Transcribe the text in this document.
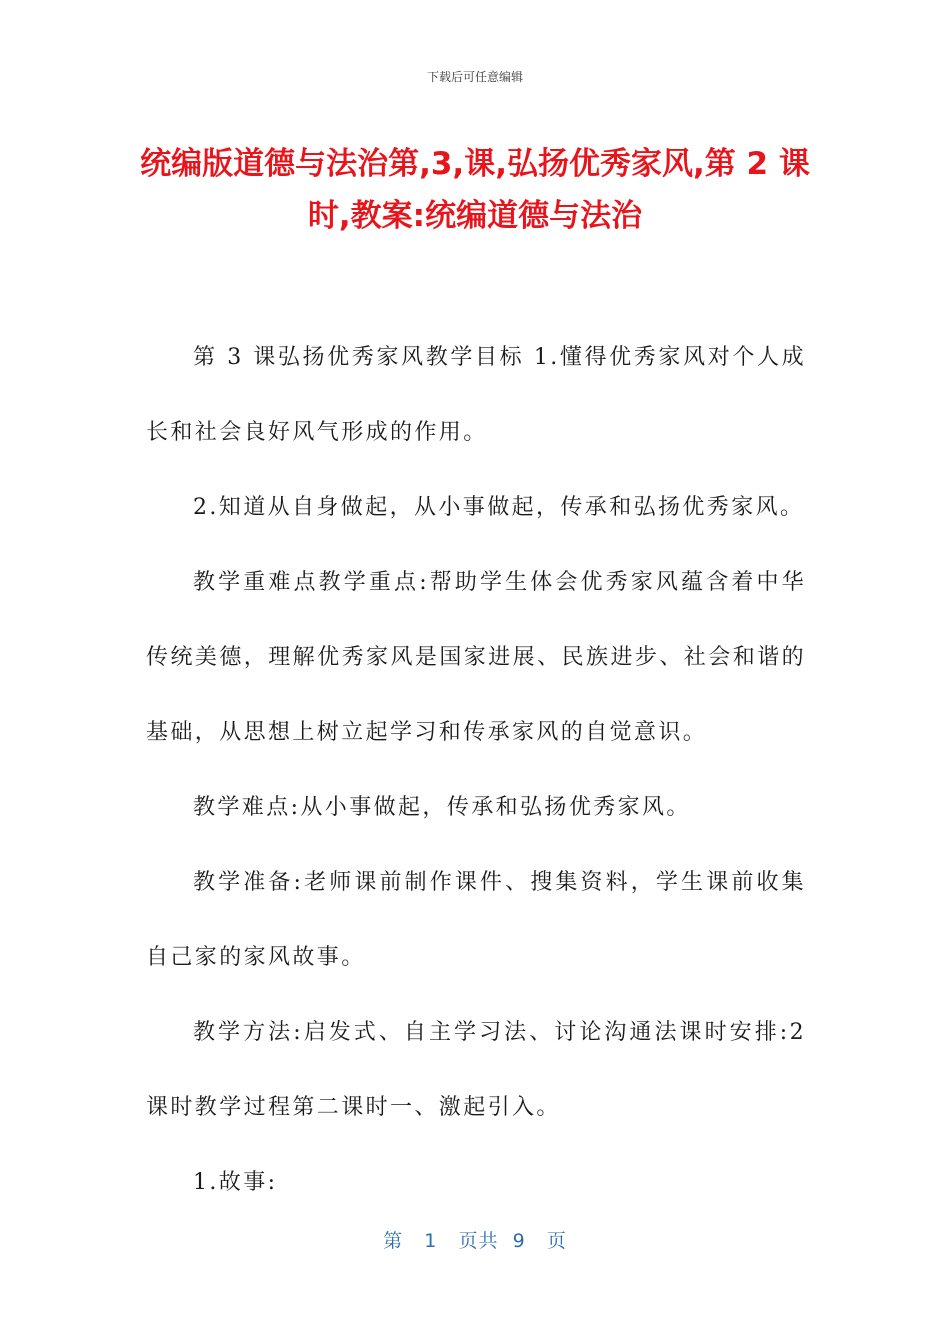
下载后可任意编辑
统编版道德与法治第,3,课,弘扬优秀家风,第 2 课时,教案:统编道德与法治

第 3 课弘扬优秀家风教学目标 1.懂得优秀家风对个人成长和社会良好风气形成的作用。

2.知道从自身做起，从小事做起，传承和弘扬优秀家风。

教学重难点教学重点:帮助学生体会优秀家风蕴含着中华传统美德，理解优秀家风是国家进展、民族进步、社会和谐的基础，从思想上树立起学习和传承家风的自觉意识。

教学难点:从小事做起，传承和弘扬优秀家风。

教学准备:老师课前制作课件、搜集资料，学生课前收集自己家的家风故事。

教学方法:启发式、自主学习法、讨论沟通法课时安排:2 课时教学过程第二课时一、激起引入。

1.故事:

第 1 页共 9 页
